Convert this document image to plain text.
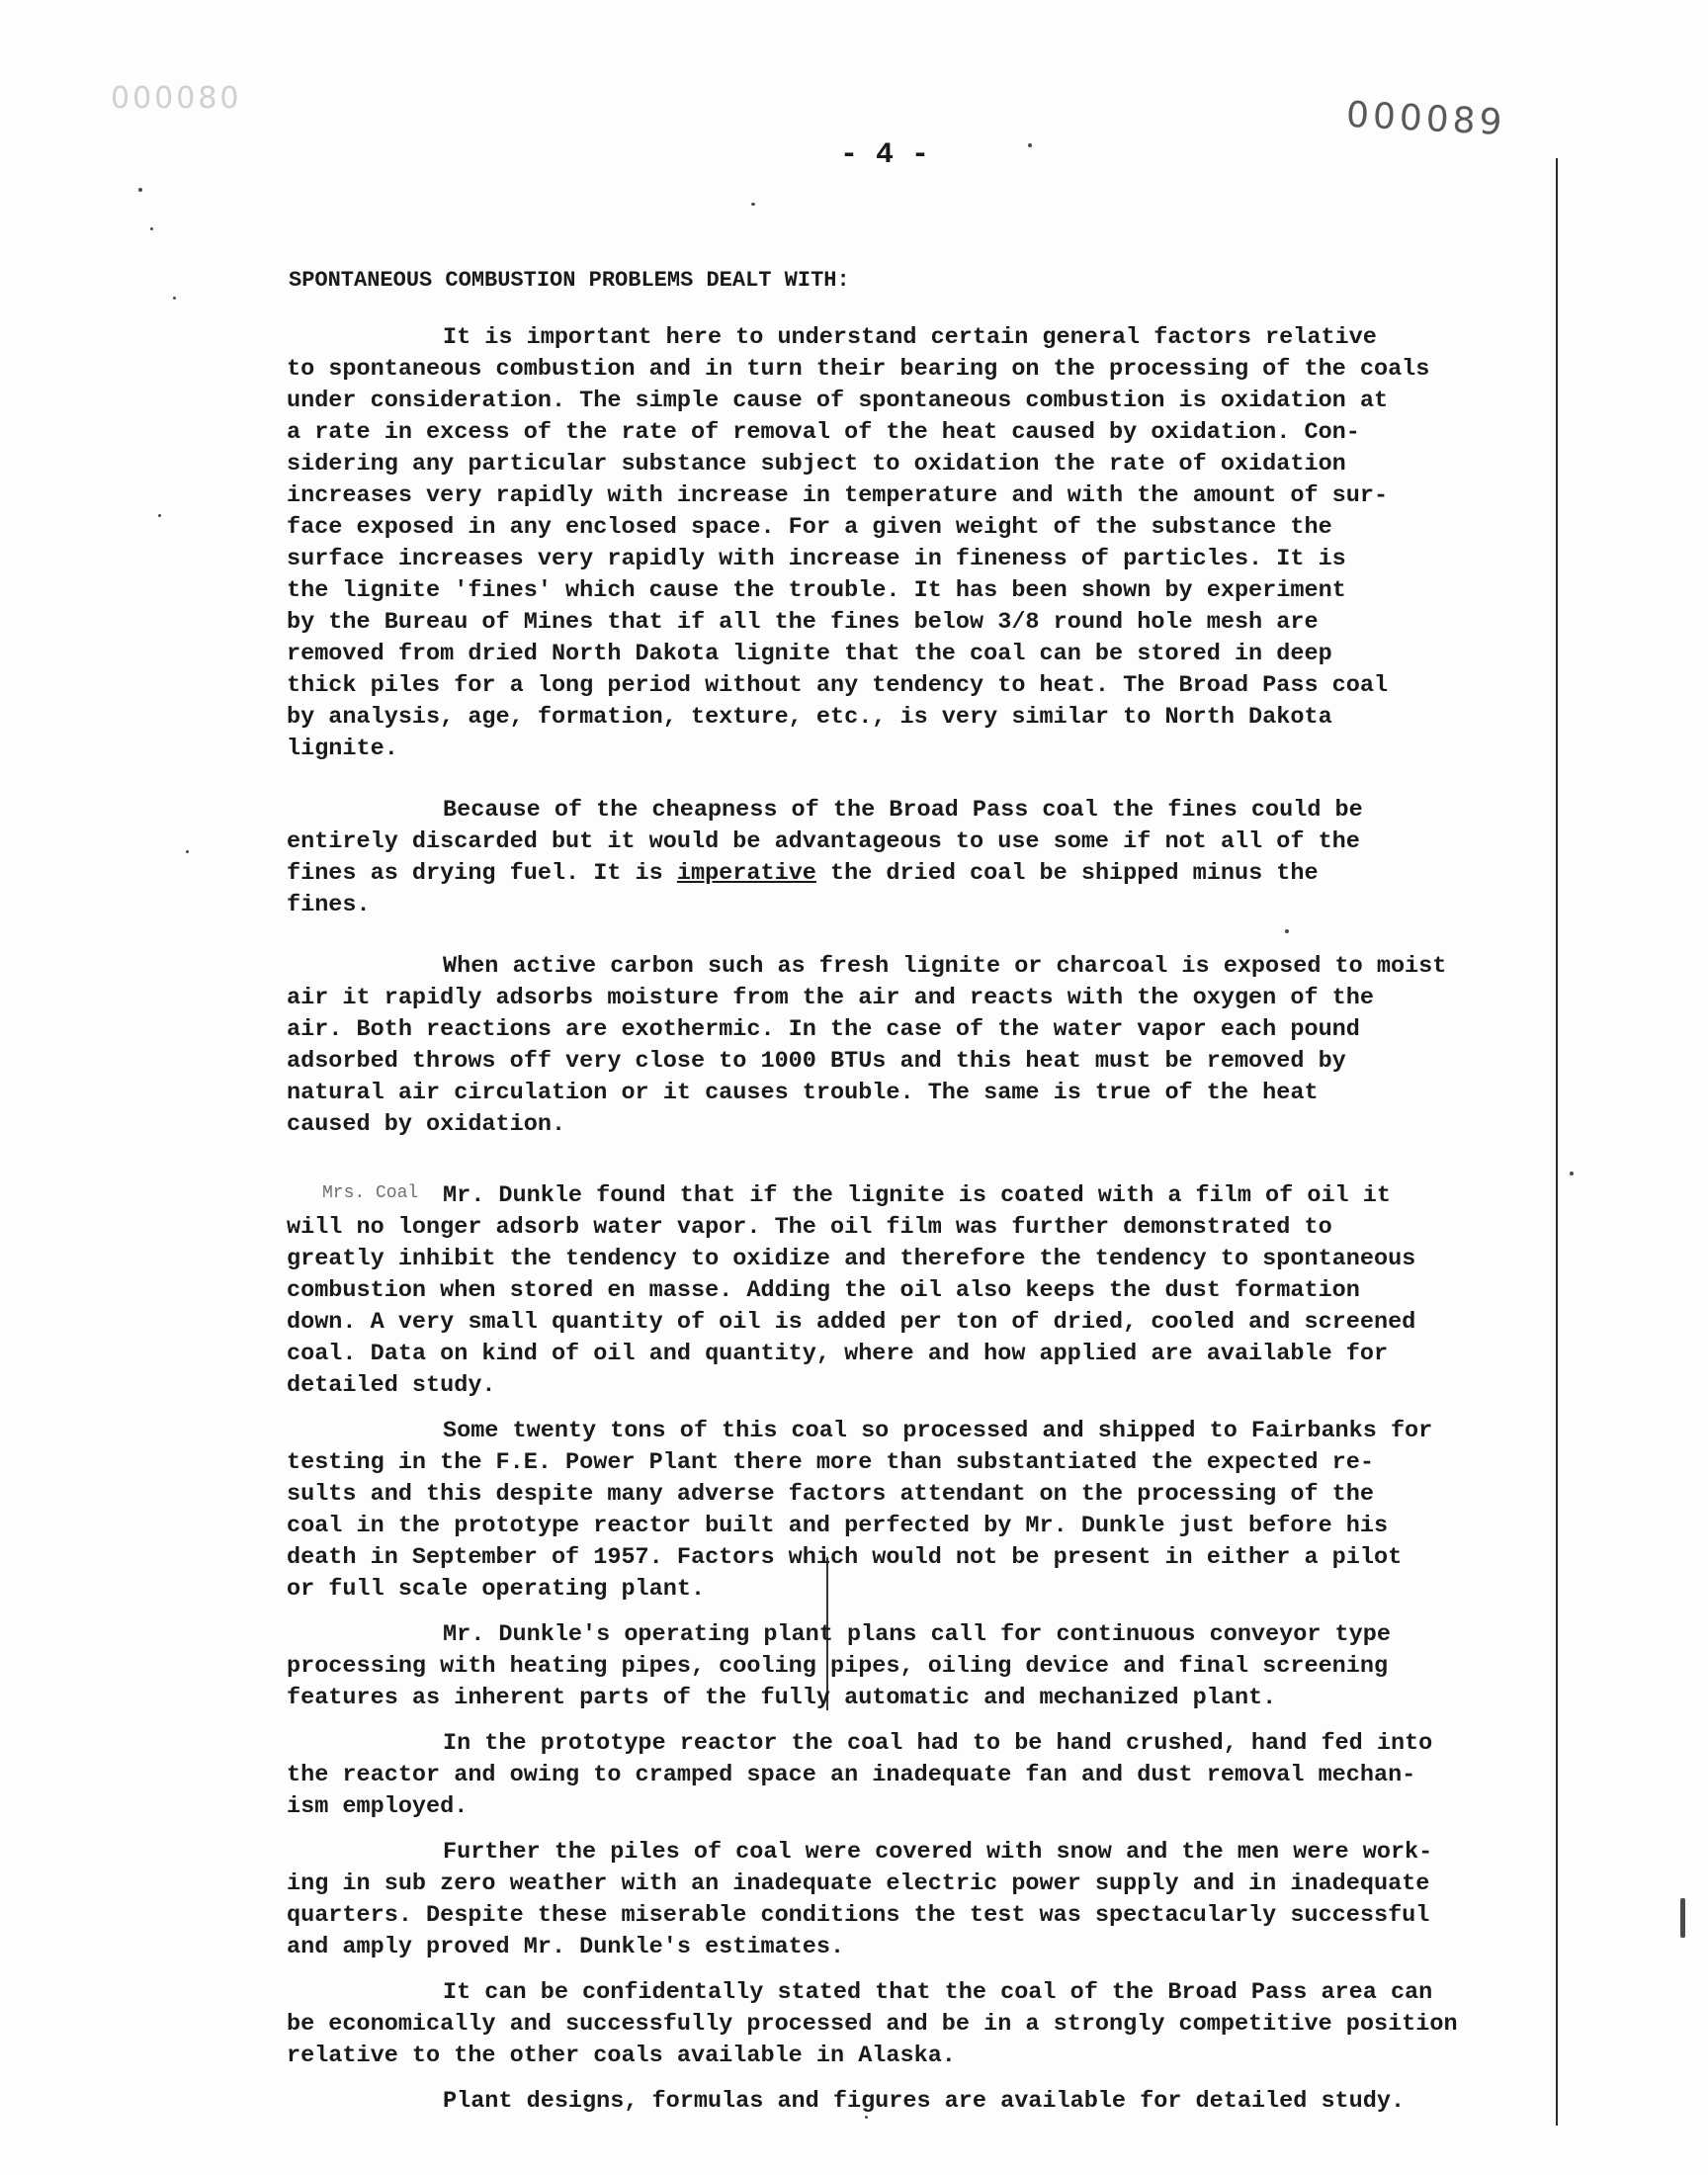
000080	000089
- 4 -
Mrs. Coal
SPONTANEOUS COMBUSTION PROBLEMS DEALT WITH:
It is important here to understand certain general factors relative
to spontaneous combustion and in turn their bearing on the processing of the coals
under consideration. The simple cause of spontaneous combustion is oxidation at
a rate in excess of the rate of removal of the heat caused by oxidation. Con-
sidering any particular substance subject to oxidation the rate of oxidation
increases very rapidly with increase in temperature and with the amount of sur-
face exposed in any enclosed space. For a given weight of the substance the
surface increases very rapidly with increase in fineness of particles. It is
the lignite 'fines' which cause the trouble. It has been shown by experiment
by the Bureau of Mines that if all the fines below 3/8 round hole mesh are
removed from dried North Dakota lignite that the coal can be stored in deep
thick piles for a long period without any tendency to heat. The Broad Pass coal
by analysis, age, formation, texture, etc., is very similar to North Dakota
lignite.
Because of the cheapness of the Broad Pass coal the fines could be
entirely discarded but it would be advantageous to use some if not all of the
fines as drying fuel. It is imperative the dried coal be shipped minus the
fines.
When active carbon such as fresh lignite or charcoal is exposed to moist
air it rapidly adsorbs moisture from the air and reacts with the oxygen of the
air. Both reactions are exothermic. In the case of the water vapor each pound
adsorbed throws off very close to 1000 BTUs and this heat must be removed by
natural air circulation or it causes trouble. The same is true of the heat
caused by oxidation.
Mr. Dunkle found that if the lignite is coated with a film of oil it
will no longer adsorb water vapor. The oil film was further demonstrated to
greatly inhibit the tendency to oxidize and therefore the tendency to spontaneous
combustion when stored en masse. Adding the oil also keeps the dust formation
down. A very small quantity of oil is added per ton of dried, cooled and screened
coal. Data on kind of oil and quantity, where and how applied are available for
detailed study.
Some twenty tons of this coal so processed and shipped to Fairbanks for
testing in the F.E. Power Plant there more than substantiated the expected re-
sults and this despite many adverse factors attendant on the processing of the
coal in the prototype reactor built and perfected by Mr. Dunkle just before his
death in September of 1957. Factors which would not be present in either a pilot
or full scale operating plant.
Mr. Dunkle's operating plant plans call for continuous conveyor type
processing with heating pipes, cooling pipes, oiling device and final screening
features as inherent parts of the fully automatic and mechanized plant.
In the prototype reactor the coal had to be hand crushed, hand fed into
the reactor and owing to cramped space an inadequate fan and dust removal mechan-
ism employed.
Further the piles of coal were covered with snow and the men were work-
ing in sub zero weather with an inadequate electric power supply and in inadequate
quarters. Despite these miserable conditions the test was spectacularly successful
and amply proved Mr. Dunkle's estimates.
It can be confidentally stated that the coal of the Broad Pass area can
be economically and successfully processed and be in a strongly competitive position
relative to the other coals available in Alaska.
Plant designs, formulas and figures are available for detailed study.
